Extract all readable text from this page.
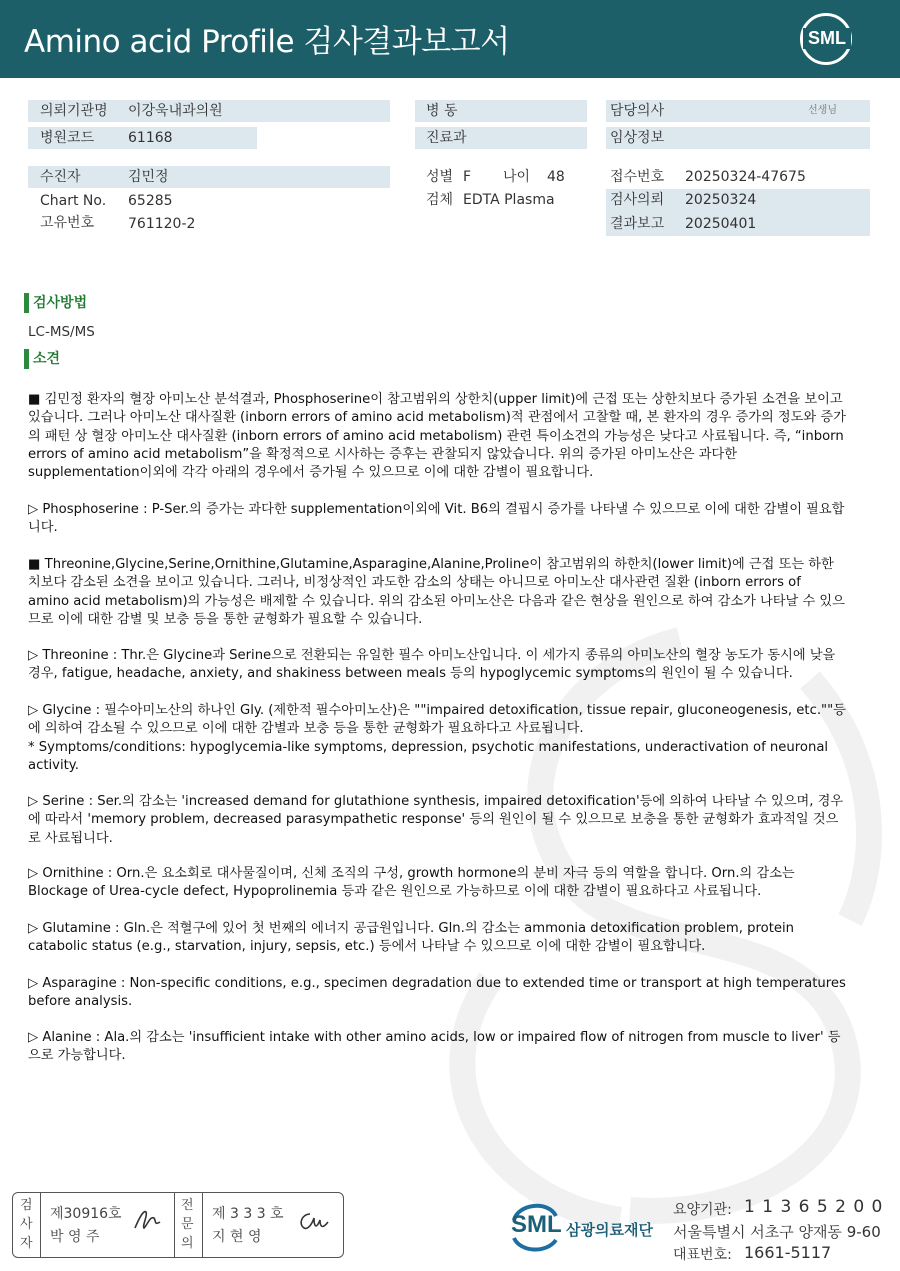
Amino acid Profile 검사결과보고서	SML
의뢰기관명 이강욱내과의원
병원코드 61168
병 동
진료과
담당의사	선생님
임상정보
수진자	김민정
Chart No. 65285
고유번호 761120-2
성별 F 나이 48
검체 EDTA Plasma
접수번호 20250324-47675
검사의뢰 20250324
결과보고 20250401
검사방법
LC-MS/MS
소견
■ 김민정 환자의 혈장 아미노산 분석결과, Phosphoserine이 참고범위의 상한치(upper limit)에 근접 또는 상한치보다 증가된 소견을 보이고 있습니다. 그러나 아미노산 대사질환 (inborn errors of amino acid metabolism)적 관점에서 고찰할 때, 본 환자의 경우 증가의 정도와 증가의 패턴 상 혈장 아미노산 대사질환 (inborn errors of amino acid metabolism) 관련 특이소견의 가능성은 낮다고 사료됩니다. 즉, “inborn errors of amino acid metabolism”을 확정적으로 시사하는 증후는 관찰되지 않았습니다. 위의 증가된 아미노산은 과다한 supplementation이외에 각각 아래의 경우에서 증가될 수 있으므로 이에 대한 감별이 필요합니다.
▷ Phosphoserine : P-Ser.의 증가는 과다한 supplementation이외에 Vit. B6의 결핍시 증가를 나타낼 수 있으므로 이에 대한 감별이 필요합니다.
■ Threonine,Glycine,Serine,Ornithine,Glutamine,Asparagine,Alanine,Proline이 참고범위의 하한치(lower limit)에 근접 또는 하한치보다 감소된 소견을 보이고 있습니다. 그러나, 비정상적인 과도한 감소의 상태는 아니므로 아미노산 대사관련 질환 (inborn errors of amino acid metabolism)의 가능성은 배제할 수 있습니다. 위의 감소된 아미노산은 다음과 같은 현상을 원인으로 하여 감소가 나타날 수 있으므로 이에 대한 감별 및 보충 등을 통한 균형화가 필요할 수 있습니다.
▷ Threonine : Thr.은 Glycine과 Serine으로 전환되는 유일한 필수 아미노산입니다. 이 세가지 종류의 아미노산의 혈장 농도가 동시에 낮을 경우, fatigue, headache, anxiety, and shakiness between meals 등의 hypoglycemic symptoms의 원인이 될 수 있습니다.
▷ Glycine : 필수아미노산의 하나인 Gly. (제한적 필수아미노산)은 ""impaired detoxification, tissue repair, gluconeogenesis, etc.""등에 의하여 감소될 수 있으므로 이에 대한 감별과 보충 등을 통한 균형화가 필요하다고 사료됩니다.
* Symptoms/conditions: hypoglycemia-like symptoms, depression, psychotic manifestations, underactivation of neuronal activity.
▷ Serine : Ser.의 감소는 'increased demand for glutathione synthesis, impaired detoxification'등에 의하여 나타날 수 있으며, 경우에 따라서 'memory problem, decreased parasympathetic response' 등의 원인이 될 수 있으므로 보충을 통한 균형화가 효과적일 것으로 사료됩니다.
▷ Ornithine : Orn.은 요소회로 대사물질이며, 신체 조직의 구성, growth hormone의 분비 자극 등의 역할을 합니다. Orn.의 감소는 Blockage of Urea-cycle defect, Hypoprolinemia 등과 같은 원인으로 가능하므로 이에 대한 감별이 필요하다고 사료됩니다.
▷ Glutamine : Gln.은 적혈구에 있어 첫 번째의 에너지 공급원입니다. Gln.의 감소는 ammonia detoxification problem, protein catabolic status (e.g., starvation, injury, sepsis, etc.) 등에서 나타날 수 있으므로 이에 대한 감별이 필요합니다.
▷ Asparagine : Non-specific conditions, e.g., specimen degradation due to extended time or transport at high temperatures before analysis.
▷ Alanine : Ala.의 감소는 'insufficient intake with other amino acids, low or impaired flow of nitrogen from muscle to liver' 등으로 가능합니다.
검
사
자
제30916호
박 영 주
전
문
의
제 3 3 3 호
지 현 영	SML 삼광의료재단
요양기관: 1 1 3 6 5 2 0 0
서울특별시 서초구 양재동 9-60
대표번호: 1661-5117
